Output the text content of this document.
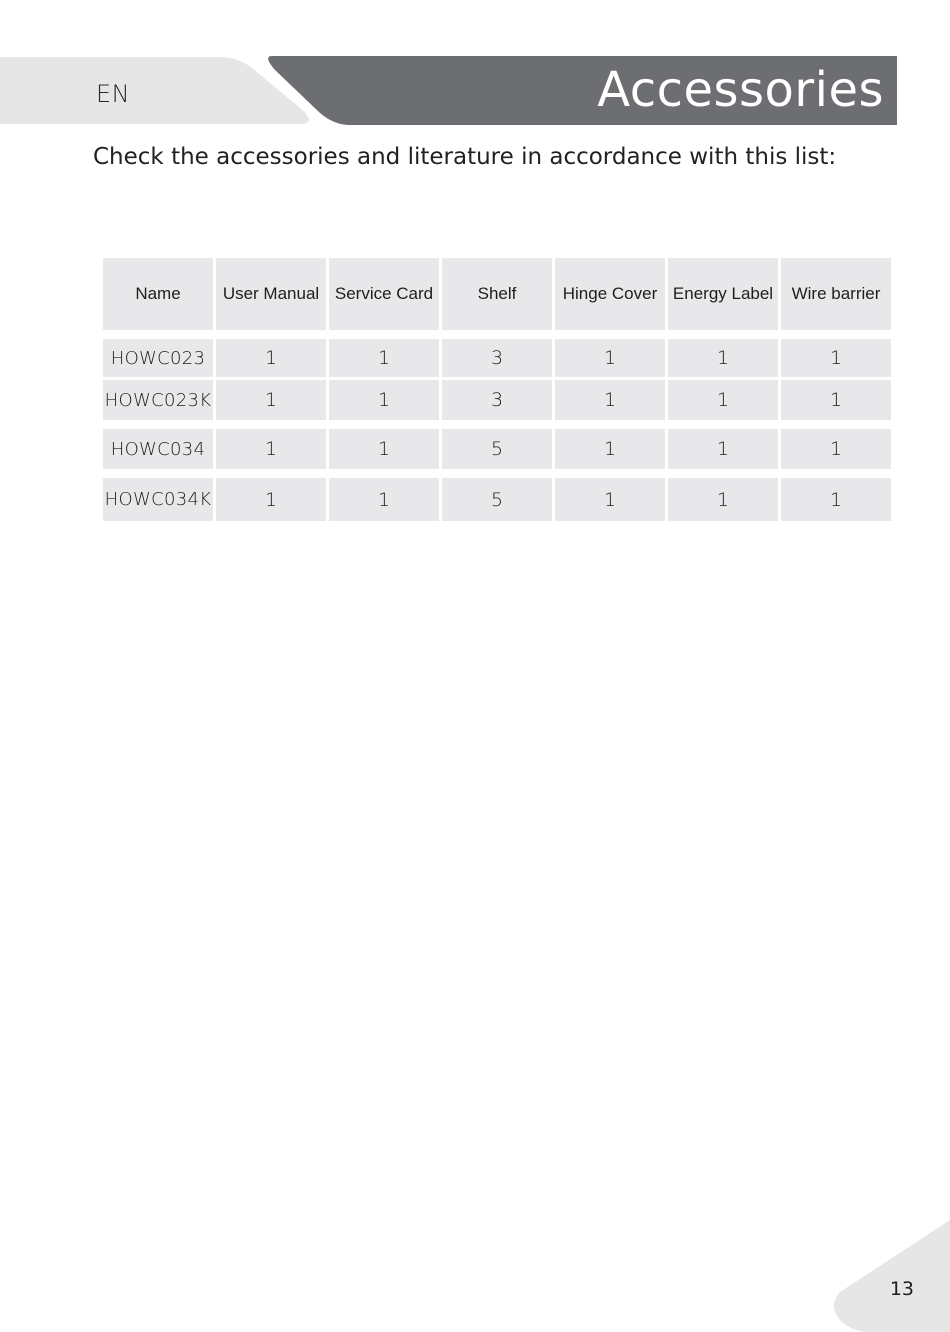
EN	Accessories
Check the accessories and literature in accordance with this list:
Name	User Manual	Service Card	Shelf	Hinge Cover	Energy Label	Wire barrier

HOWC023	1	1	3	1	1	1
HOWC023K	1	1	3	1	1	1

HOWC034	1	1	5	1	1	1

HOWC034K	1	1	5	1	1	1
13
